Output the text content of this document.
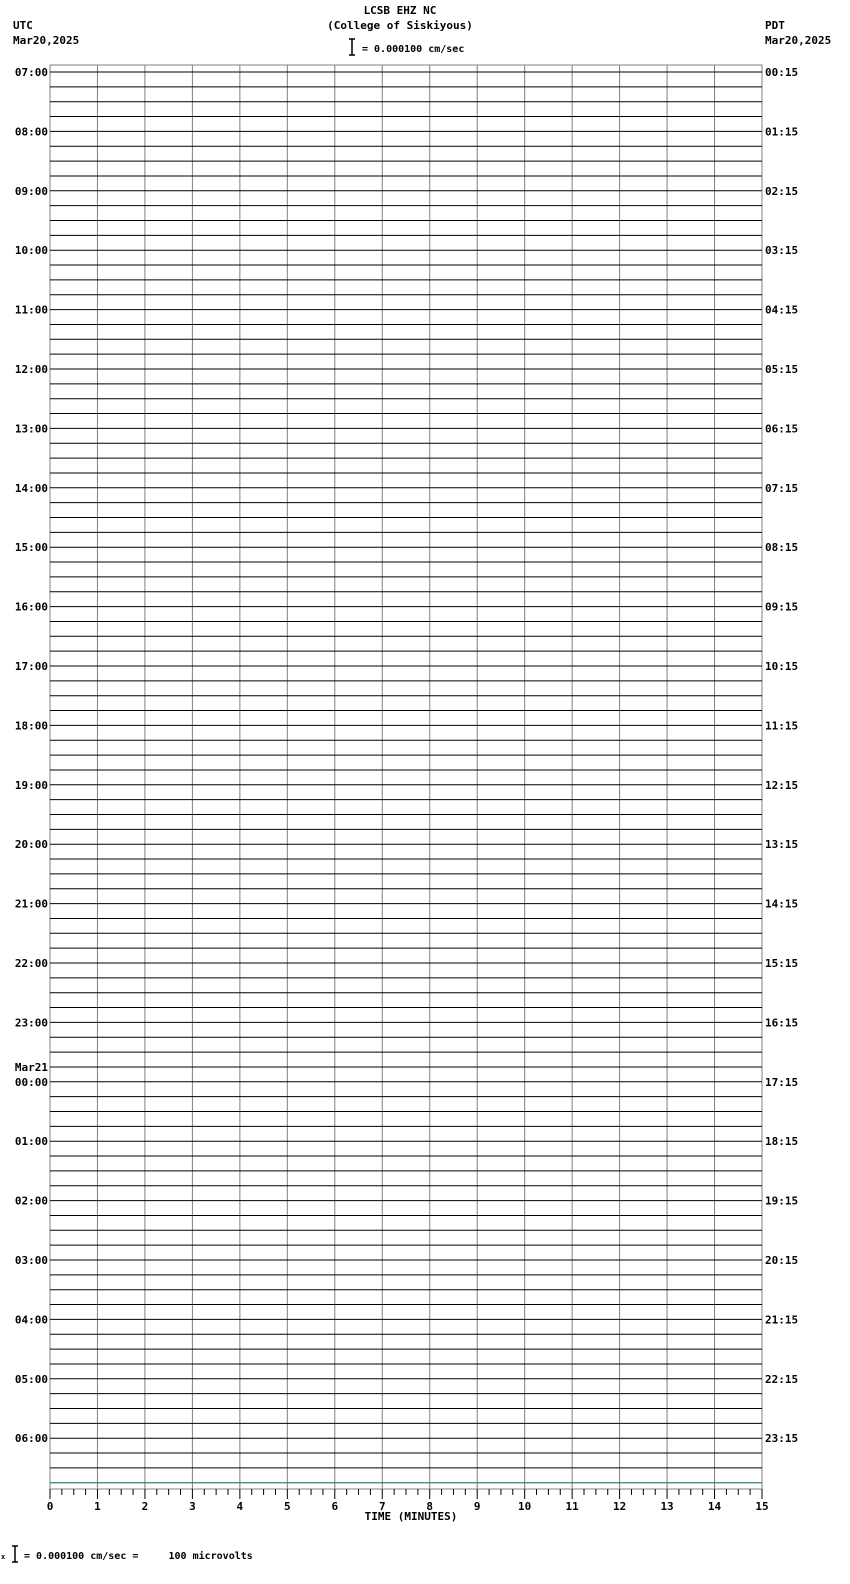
LCSB EHZ NC
(College of Siskiyous)
= 0.000100 cm/sec
UTC
Mar20,2025
PDT
Mar20,2025
07:00
08:00
09:00
10:00
11:00
12:00
13:00
14:00
15:00
16:00
17:00
18:00
19:00
20:00
21:00
22:00
23:00
00:00
01:00
02:00
03:00
04:00
05:00
06:00
Mar21
00:15
01:15
02:15
03:15
04:15
05:15
06:15
07:15
08:15
09:15
10:15
11:15
12:15
13:15
14:15
15:15
16:15
17:15
18:15
19:15
20:15
21:15
22:15
23:15
0	1	2	3	4	5	6	7	8	9	10	11	12	13	14	15
TIME (MINUTES)
x = 0.000100 cm/sec =     100 microvolts
